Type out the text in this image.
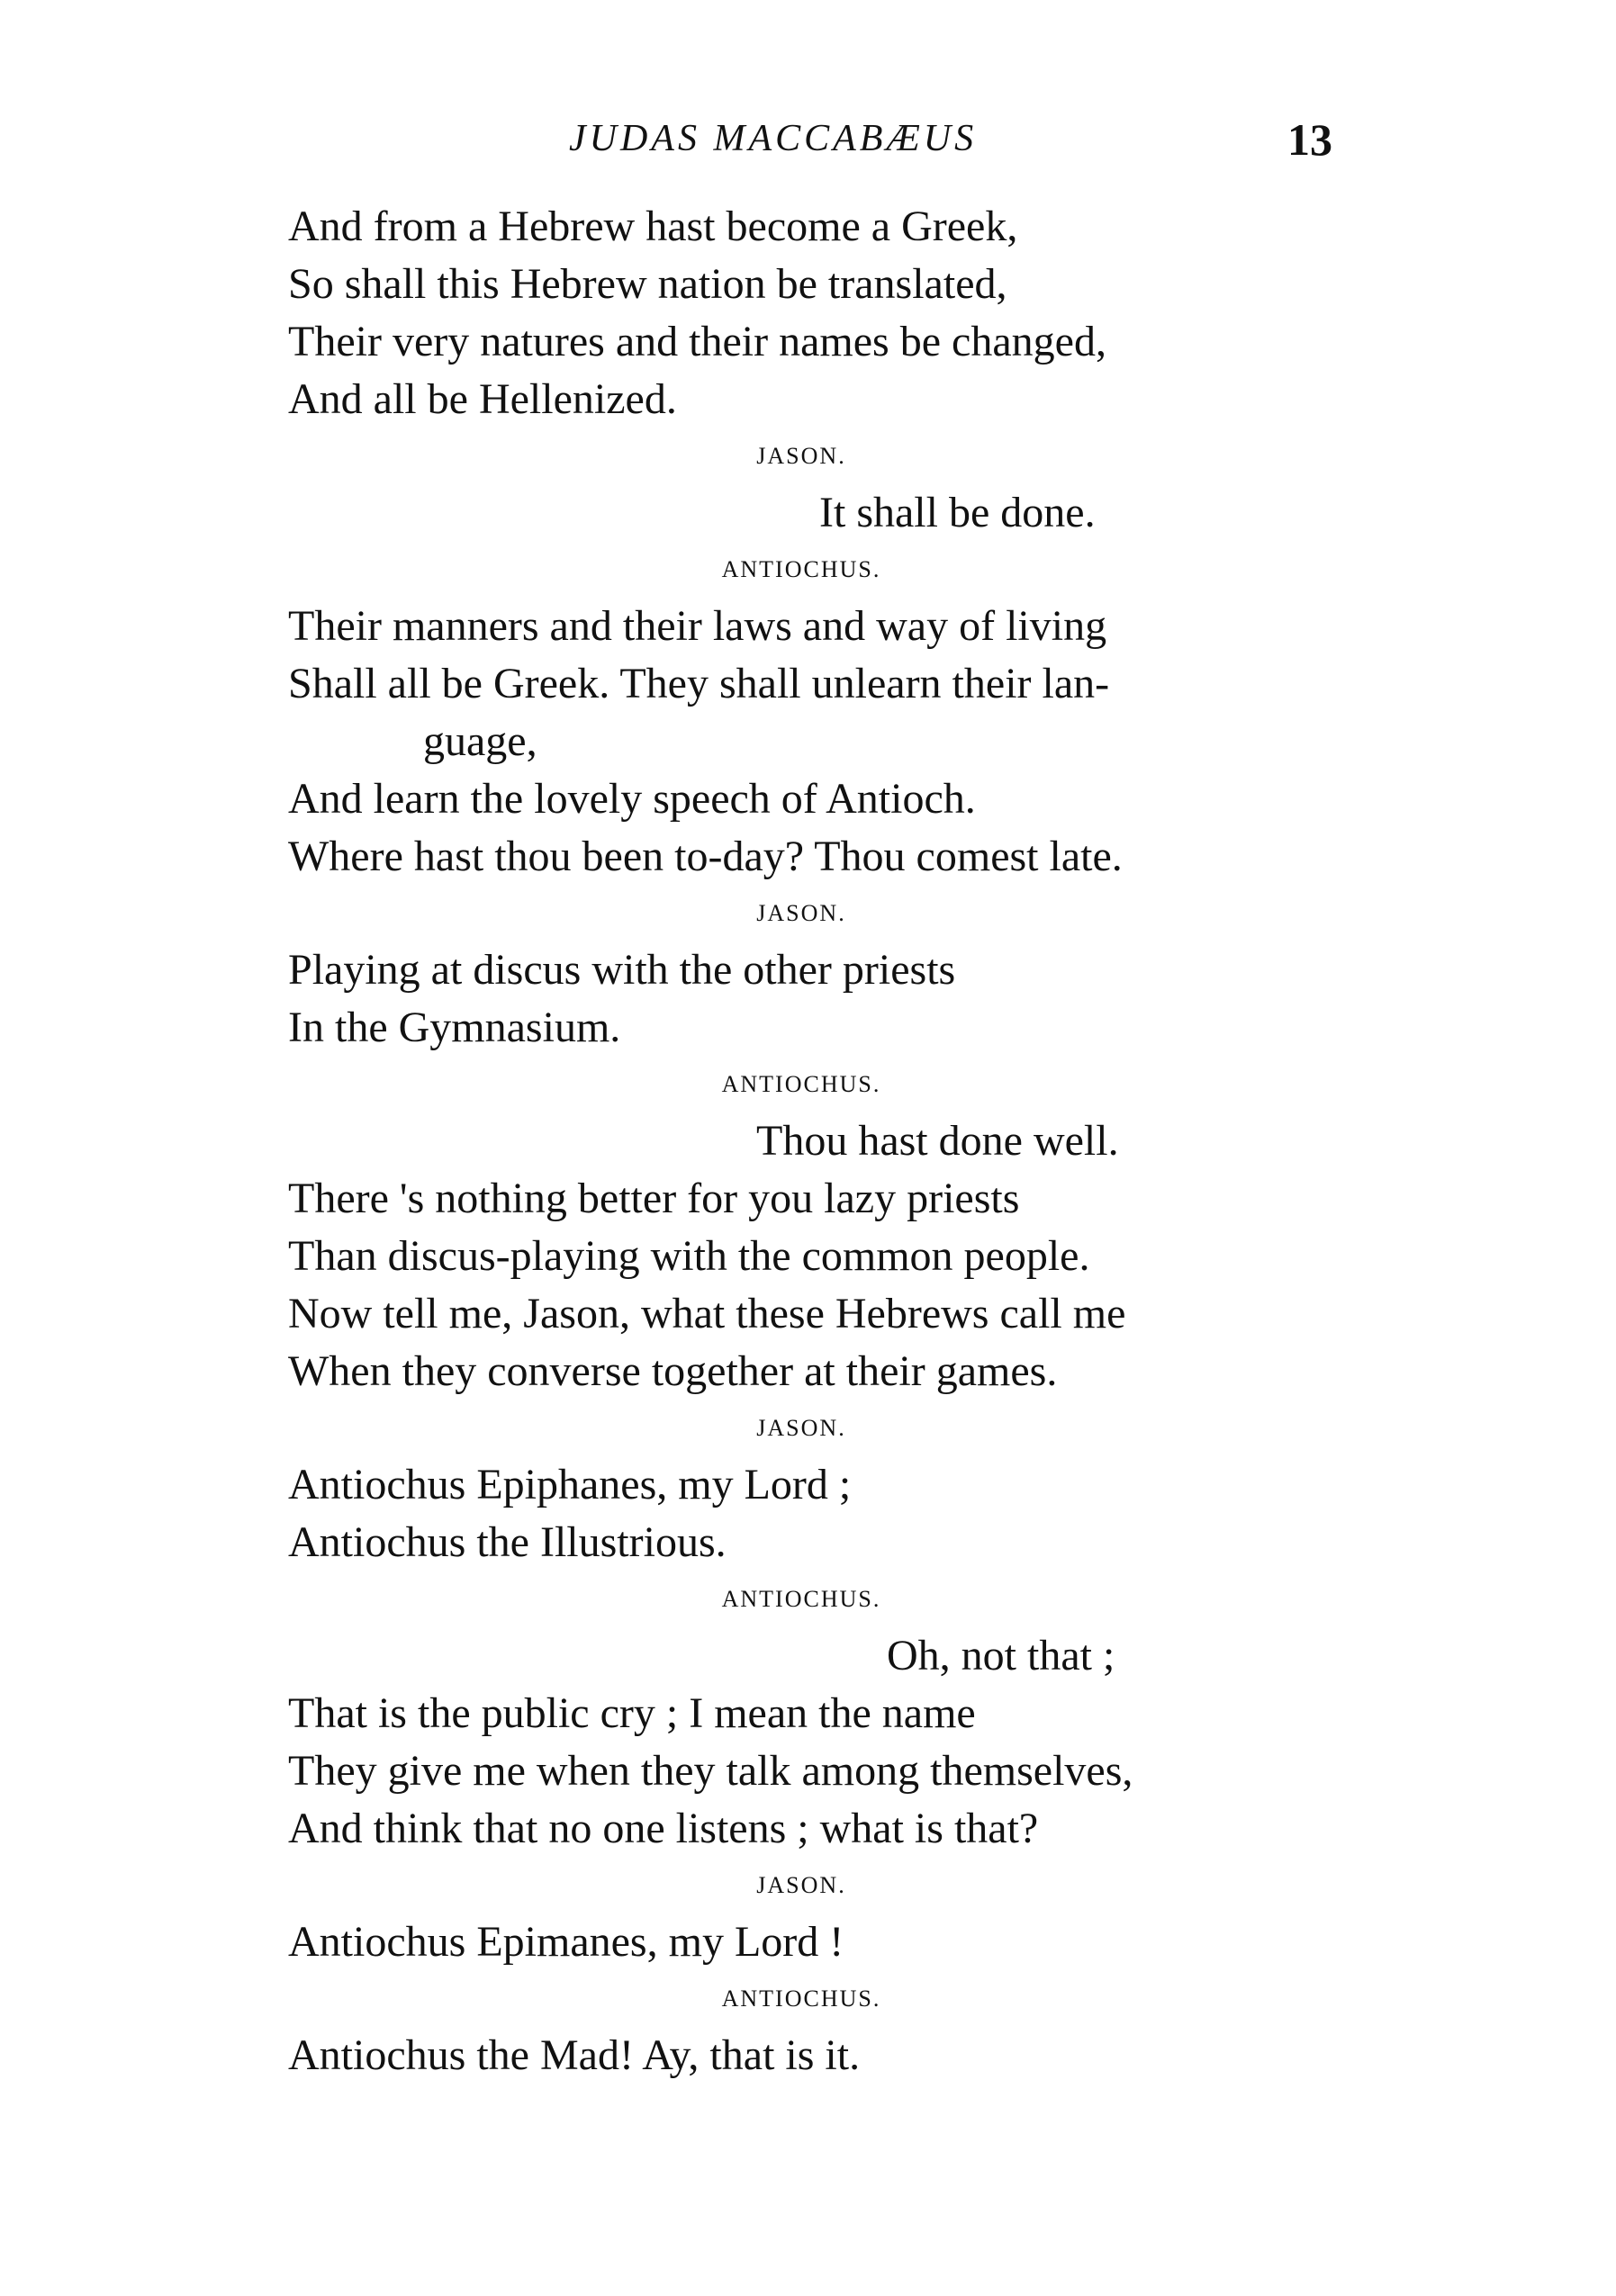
JUDAS MACCABÆUS	13
And from a Hebrew hast become a Greek,
So shall this Hebrew nation be translated,
Their very natures and their names be changed,
And all be Hellenized.
JASON.
It shall be done.
ANTIOCHUS.
Their manners and their laws and way of living
Shall all be Greek. They shall unlearn their lan-
guage,
And learn the lovely speech of Antioch.
Where hast thou been to-day? Thou comest late.
JASON.
Playing at discus with the other priests
In the Gymnasium.
ANTIOCHUS.
Thou hast done well.
There 's nothing better for you lazy priests
Than discus-playing with the common people.
Now tell me, Jason, what these Hebrews call me
When they converse together at their games.
JASON.
Antiochus Epiphanes, my Lord ;
Antiochus the Illustrious.
ANTIOCHUS.
Oh, not that ;
That is the public cry ; I mean the name
They give me when they talk among themselves,
And think that no one listens ; what is that?
JASON.
Antiochus Epimanes, my Lord !
ANTIOCHUS.
Antiochus the Mad! Ay, that is it.
